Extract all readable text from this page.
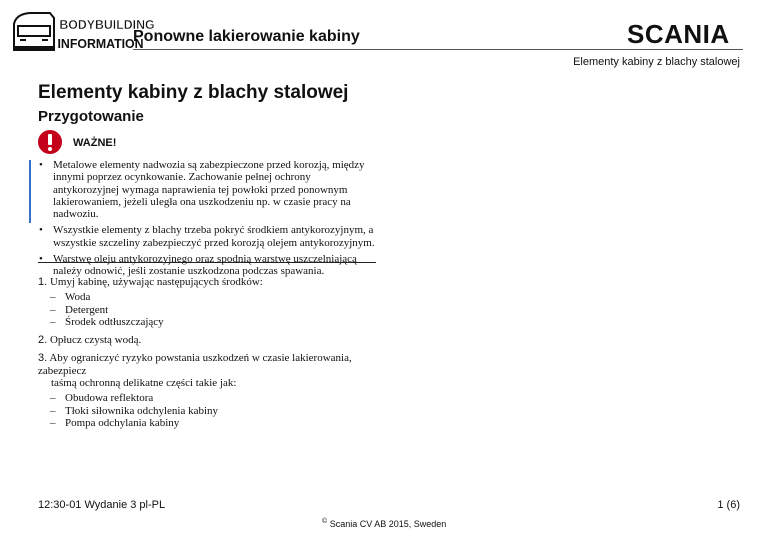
BODYBUILDING
INFORMATION
Ponowne lakierowanie kabiny	SCANIA
Elementy kabiny z blachy stalowej
Elementy kabiny z blachy stalowej
Przygotowanie
WAŻNE!
• Metalowe elementy nadwozia są zabezpieczone przed korozją, między innymi poprzez ocynkowanie. Zachowanie pełnej ochrony antykorozyjnej wymaga naprawienia tej powłoki przed ponownym lakierowaniem, jeżeli uległa ona uszkodzeniu np. w czasie pracy na nadwoziu.
• Wszystkie elementy z blachy trzeba pokryć środkiem antykorozyjnym, a wszystkie szczeliny zabezpieczyć przed korozją olejem antykorozyjnym.
• Warstwę oleju antykorozyjnego oraz spodnią warstwę uszczelniającą należy odnowić, jeśli zostanie uszkodzona podczas spawania.
1. Umyj kabinę, używając następujących środków:
– Woda
– Detergent
– Środek odtłuszczający
2. Opłucz czystą wodą.
3. Aby ograniczyć ryzyko powstania uszkodzeń w czasie lakierowania, zabezpiecz
taśmą ochronną delikatne części takie jak:
– Obudowa reflektora
– Tłoki siłownika odchylenia kabiny
– Pompa odchylania kabiny
12:30-01 Wydanie 3 pl-PL	1 (6)
© Scania CV AB 2015, Sweden
